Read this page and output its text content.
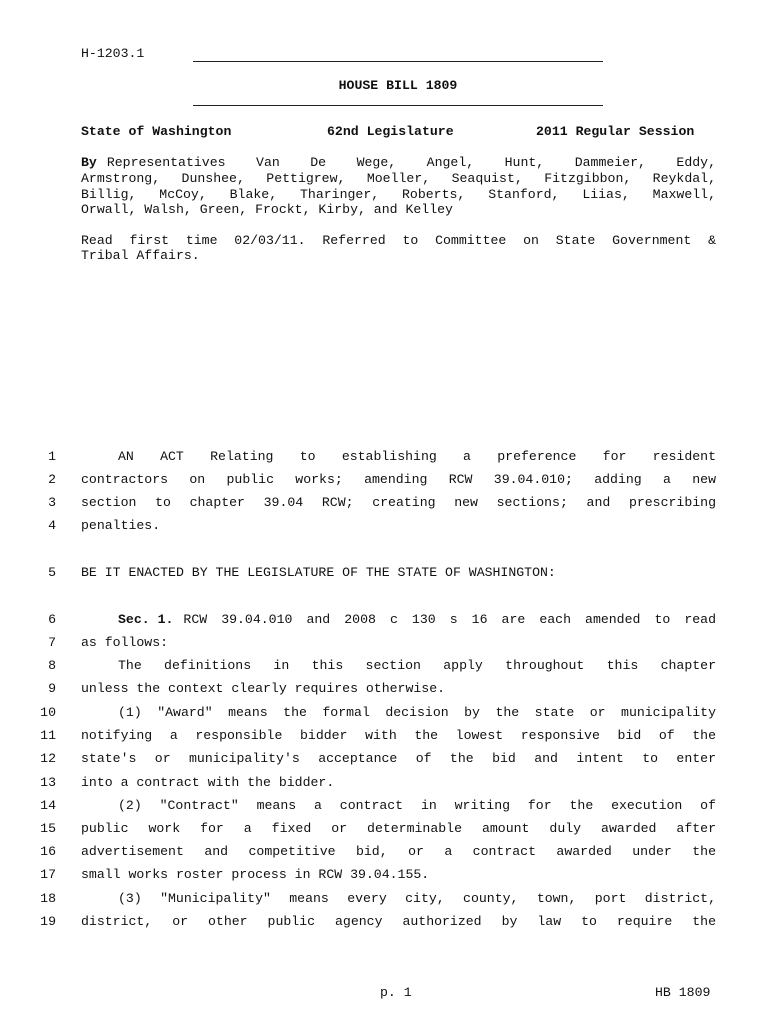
H-1203.1
HOUSE BILL 1809
State of Washington	62nd Legislature	2011 Regular Session
By Representatives Van De Wege, Angel, Hunt, Dammeier, Eddy,
Armstrong, Dunshee, Pettigrew, Moeller, Seaquist, Fitzgibbon, Reykdal,
Billig, McCoy, Blake, Tharinger, Roberts, Stanford, Liias, Maxwell,
Orwall, Walsh, Green, Frockt, Kirby, and Kelley
Read first time 02/03/11. Referred to Committee on State Government &
Tribal Affairs.
1	AN ACT Relating to establishing a preference for resident
2 contractors on public works; amending RCW 39.04.010; adding a new
3 section to chapter 39.04 RCW; creating new sections; and prescribing
4 penalties.
5 BE IT ENACTED BY THE LEGISLATURE OF THE STATE OF WASHINGTON:
6	Sec. 1. RCW 39.04.010 and 2008 c 130 s 16 are each amended to read
7 as follows:
8	The definitions in this section apply throughout this chapter
9 unless the context clearly requires otherwise.
10	(1) "Award" means the formal decision by the state or municipality
11 notifying a responsible bidder with the lowest responsive bid of the
12 state's or municipality's acceptance of the bid and intent to enter
13 into a contract with the bidder.
14	(2) "Contract" means a contract in writing for the execution of
15 public work for a fixed or determinable amount duly awarded after
16 advertisement and competitive bid, or a contract awarded under the
17 small works roster process in RCW 39.04.155.
18	(3) "Municipality" means every city, county, town, port district,
19 district, or other public agency authorized by law to require the
p. 1	HB 1809
